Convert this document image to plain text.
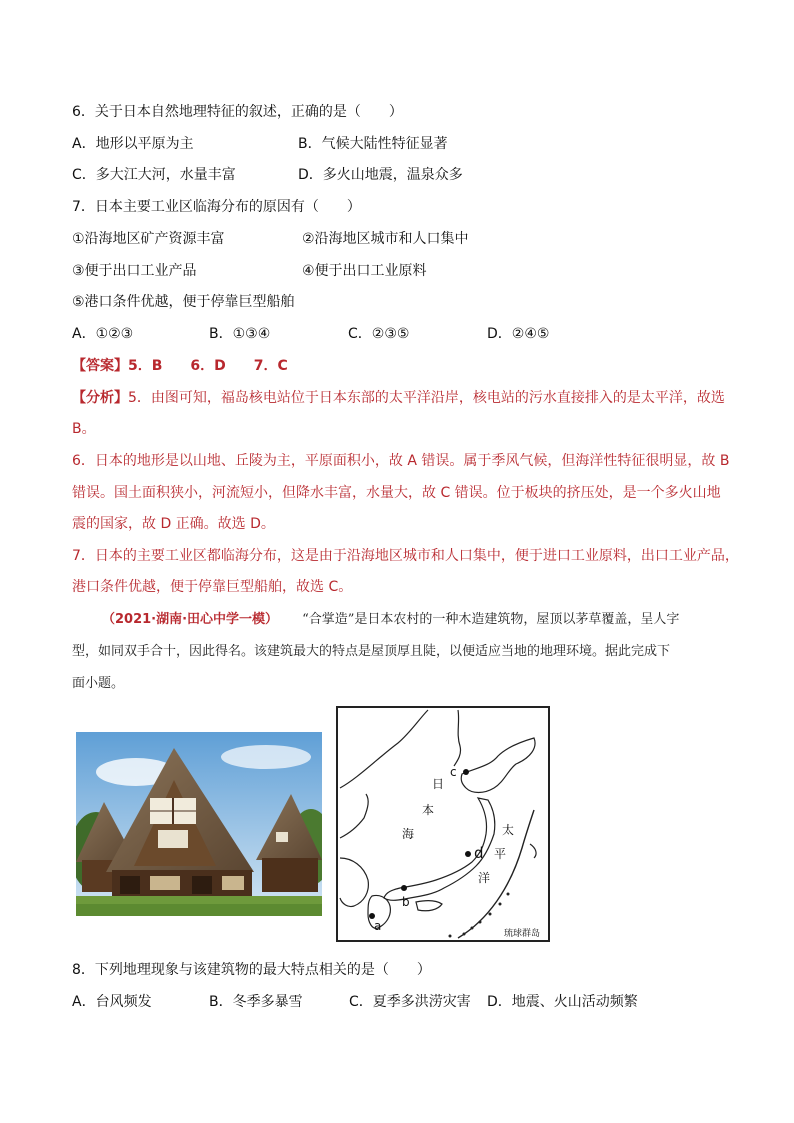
6．关于日本自然地理特征的叙述，正确的是（　　）
A．地形以平原为主	B．气候大陆性特征显著
C．多大江大河，水量丰富	D．多火山地震，温泉众多
7．日本主要工业区临海分布的原因有（　　）
①沿海地区矿产资源丰富	②沿海地区城市和人口集中
③便于出口工业产品	④便于出口工业原料
⑤港口条件优越，便于停靠巨型船舶
A．①②③	B．①③④	C．②③⑤	D．②④⑤
【答案】5．B　　6．D　　7．C
【分析】5．由图可知，福岛核电站位于日本东部的太平洋沿岸，核电站的污水直接排入的是太平洋，故选
B。
6．日本的地形是以山地、丘陵为主，平原面积小，故 A 错误。属于季风气候，但海洋性特征很明显，故 B
错误。国土面积狭小，河流短小，但降水丰富，水量大，故 C 错误。位于板块的挤压处，是一个多火山地
震的国家，故 D 正确。故选 D。
7．日本的主要工业区都临海分布，这是由于沿海地区城市和人口集中，便于进口工业原料，出口工业产品，
港口条件优越，便于停靠巨型船舶，故选 C。
（2021·湖南·田心中学一模） “合掌造”是日本农村的一种木造建筑物，屋顶以茅草覆盖，呈人字
型，如同双手合十，因此得名。该建筑最大的特点是屋顶厚且陡，以便适应当地的地理环境。据此完成下
面小题。
日
本
海	太
平
洋
a
b
c
d
琉球群岛
8．下列地理现象与该建筑物的最大特点相关的是（　　）
A．台风频发	B．冬季多暴雪	C．夏季多洪涝灾害 D．地震、火山活动频繁
